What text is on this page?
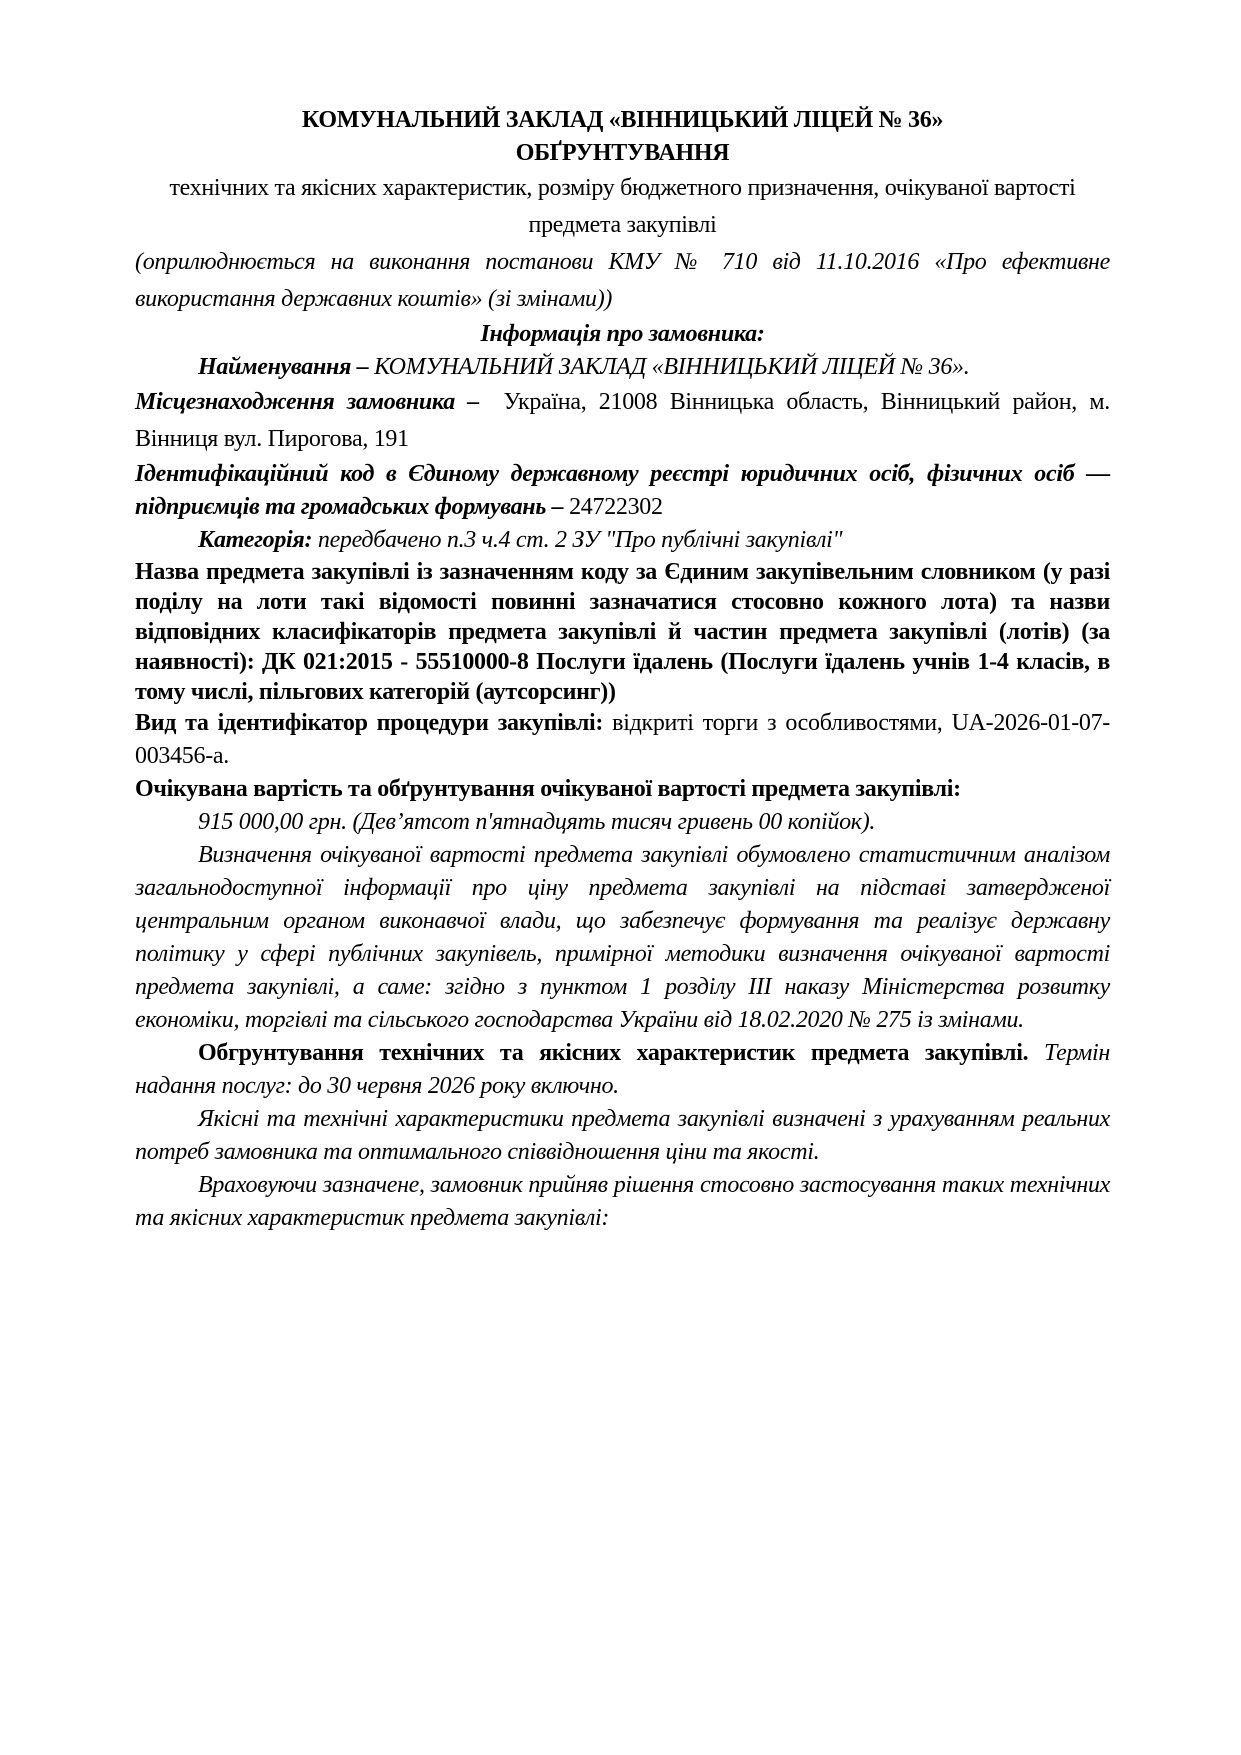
КОМУНАЛЬНИЙ ЗАКЛАД «ВІННИЦЬКИЙ ЛІЦЕЙ № 36»

ОБҐРУНТУВАННЯ

технічних та якісних характеристик, розміру бюджетного призначення, очікуваної вартості предмета закупівлі

(оприлюднюється на виконання постанови КМУ № 710 від 11.10.2016 «Про ефективне використання державних коштів» (зі змінами))

Інформація про замовника:

Найменування – КОМУНАЛЬНИЙ ЗАКЛАД «ВІННИЦЬКИЙ ЛІЦЕЙ № 36».

Місцезнаходження замовника – Україна, 21008 Вінницька область, Вінницький район, м. Вінниця вул. Пирогова, 191

Ідентифікаційний код в Єдиному державному реєстрі юридичних осіб, фізичних осіб — підприємців та громадських формувань – 24722302

Категорія: передбачено п.3 ч.4 ст. 2 ЗУ "Про публічні закупівлі"

Назва предмета закупівлі із зазначенням коду за Єдиним закупівельним словником (у разі поділу на лоти такі відомості повинні зазначатися стосовно кожного лота) та назви відповідних класифікаторів предмета закупівлі й частин предмета закупівлі (лотів) (за наявності): ДК 021:2015 - 55510000-8 Послуги їдалень (Послуги їдалень учнів 1-4 класів, в тому числі, пільгових категорій (аутсорсинг))

Вид та ідентифікатор процедури закупівлі: відкриті торги з особливостями, UA-2026-01-07-003456-a.

Очікувана вартість та обґрунтування очікуваної вартості предмета закупівлі:

915 000,00 грн. (Дев’ятсот п'ятнадцять тисяч гривень 00 копійок).

Визначення очікуваної вартості предмета закупівлі обумовлено статистичним аналізом загальнодоступної інформації про ціну предмета закупівлі на підставі затвердженої центральним органом виконавчої влади, що забезпечує формування та реалізує державну політику у сфері публічних закупівель, примірної методики визначення очікуваної вартості предмета закупівлі, а саме: згідно з пунктом 1 розділу ІІІ наказу Міністерства розвитку економіки, торгівлі та сільського господарства України від 18.02.2020 № 275 із змінами.

Обгрунтування технічних та якісних характеристик предмета закупівлі. Термін надання послуг: до 30 червня 2026 року включно.

Якісні та технічні характеристики предмета закупівлі визначені з урахуванням реальних потреб замовника та оптимального співвідношення ціни та якості.

Враховуючи зазначене, замовник прийняв рішення стосовно застосування таких технічних та якісних характеристик предмета закупівлі:
